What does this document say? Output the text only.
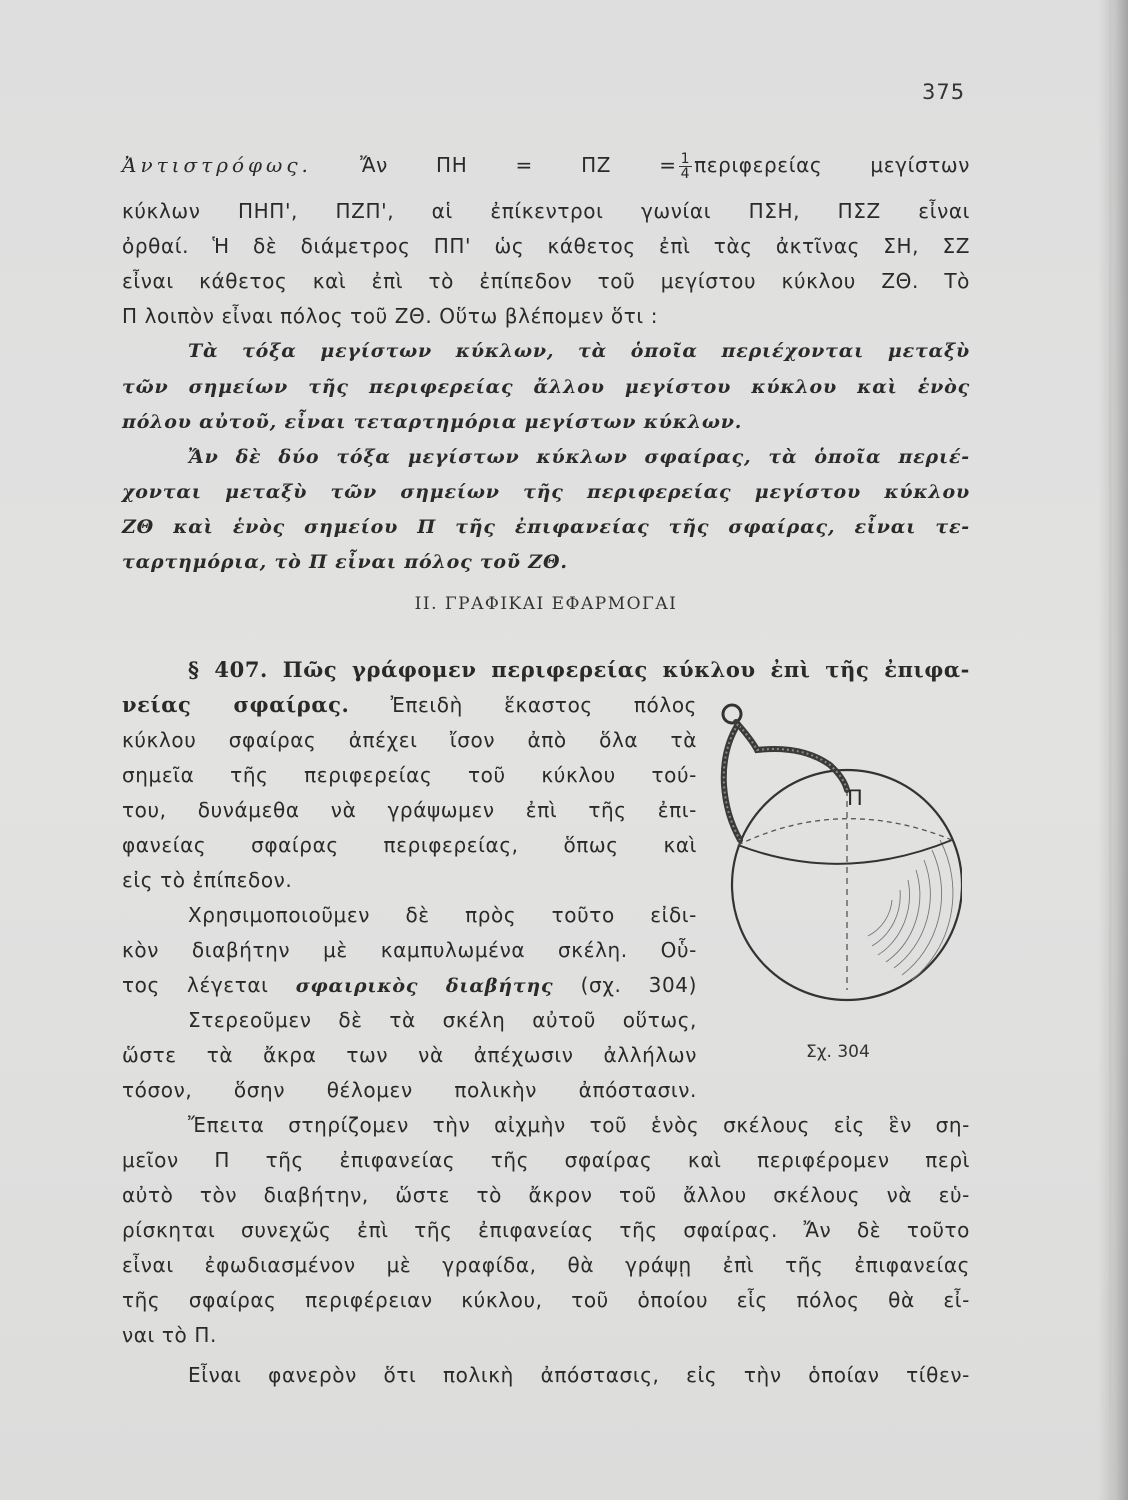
375
Ἀντιστρόφως. Ἄν $\Pi H = \Pi Z = \frac{1}{4}$ περιφερείας μεγίστων
κύκλων ΠΗΠ', ΠΖΠ', αἱ ἐπίκεντροι γωνίαι ΠΣΗ, ΠΣΖ εἶναι
ὀρθαί. Ἡ δὲ διάμετρος ΠΠ' ὡς κάθετος ἐπὶ τὰς ἀκτῖνας ΣΗ, ΣΖ
εἶναι κάθετος καὶ ἐπὶ τὸ ἐπίπεδον τοῦ μεγίστου κύκλου ΖΘ. Τὸ
Π λοιπὸν εἶναι πόλος τοῦ ΖΘ. Οὕτω βλέπομεν ὅτι :
Τὰ τόξα μεγίστων κύκλων, τὰ ὁποῖα περιέχονται μεταξὺ
τῶν σημείων τῆς περιφερείας ἄλλου μεγίστου κύκλου καὶ ἑνὸς
πόλου αὐτοῦ, εἶναι τεταρτημόρια μεγίστων κύκλων.
Ἄν δὲ δύο τόξα μεγίστων κύκλων σφαίρας, τὰ ὁποῖα περιέ-
χονται μεταξὺ τῶν σημείων τῆς περιφερείας μεγίστου κύκλου
ΖΘ καὶ ἑνὸς σημείου Π τῆς ἐπιφανείας τῆς σφαίρας, εἶναι τε-
ταρτημόρια, τὸ Π εἶναι πόλος τοῦ ΖΘ.
II. ΓΡΑΦΙΚΑΙ ΕΦΑΡΜΟΓΑΙ
§ 407. Πῶς γράφομεν περιφερείας κύκλου ἐπὶ τῆς ἐπιφα-
νείας σφαίρας. Ἐπειδὴ ἕκαστος πόλος
κύκλου σφαίρας ἀπέχει ἴσον ἀπὸ ὅλα τὰ
σημεῖα τῆς περιφερείας τοῦ κύκλου τού-
του, δυνάμεθα νὰ γράψωμεν ἐπὶ τῆς ἐπι-
φανείας σφαίρας περιφερείας, ὅπως καὶ
εἰς τὸ ἐπίπεδον.
Χρησιμοποιοῦμεν δὲ πρὸς τοῦτο εἰδι-
κὸν διαβήτην μὲ καμπυλωμένα σκέλη. Οὗ-
τος λέγεται σφαιρικὸς διαβήτης (σχ. 304)
Στερεοῦμεν δὲ τὰ σκέλη αὐτοῦ οὕτως,
ὥστε τὰ ἄκρα των νὰ ἀπέχωσιν ἀλλήλων
τόσον, ὅσην θέλομεν πολικὴν ἀπόστασιν.
Ἔπειτα στηρίζομεν τὴν αἰχμὴν τοῦ ἑνὸς σκέλους εἰς ἓν ση-
μεῖον Π τῆς ἐπιφανείας τῆς σφαίρας καὶ περιφέρομεν περὶ
αὐτὸ τὸν διαβήτην, ὥστε τὸ ἄκρον τοῦ ἄλλου σκέλους νὰ εὑ-
ρίσκηται συνεχῶς ἐπὶ τῆς ἐπιφανείας τῆς σφαίρας. Ἄν δὲ τοῦτο
εἶναι ἐφωδιασμένον μὲ γραφίδα, θὰ γράψῃ ἐπὶ τῆς ἐπιφανείας
τῆς σφαίρας περιφέρειαν κύκλου, τοῦ ὁποίου εἷς πόλος θὰ εἶ-
ναι τὸ Π.
Εἶναι φανερὸν ὅτι πολικὴ ἀπόστασις, εἰς τὴν ὁποίαν τίθεν-
Π
Σχ. 304
